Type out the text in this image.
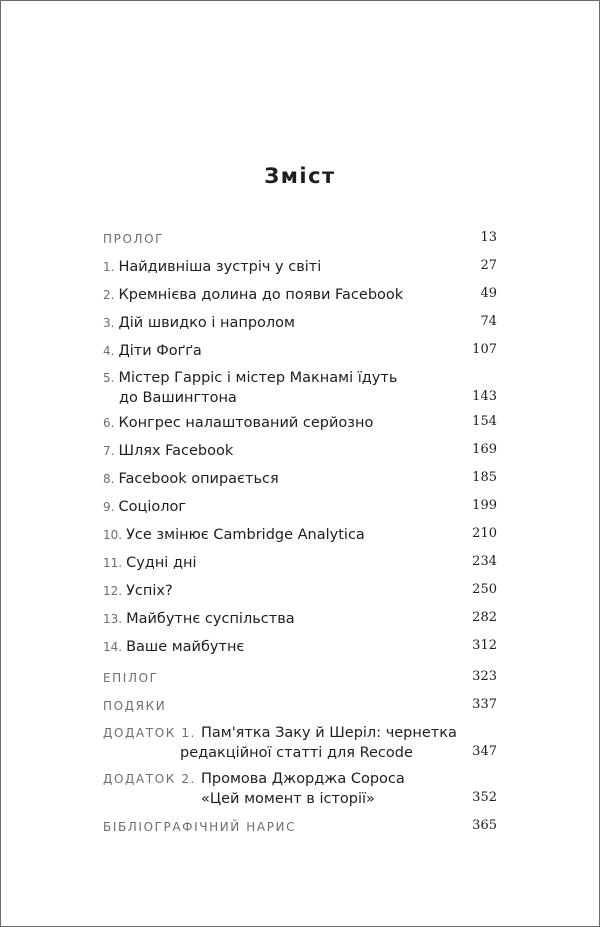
Зміст
ПРОЛОГ	13
1. Найдивніша зустріч у світі	27
2. Кремнієва долина до появи Facebook	49
3. Дій швидко і напролом	74
4. Діти Фоґґа	107
5. Містер Гарріс і містер Макнамі їдуть
до Вашингтона	143
6. Конгрес налаштований серйозно	154
7. Шлях Facebook	169
8. Facebook опирається	185
9. Соціолог	199
10. Усе змінює Cambridge Analytica	210
11. Судні дні	234
12. Успіх?	250
13. Майбутнє суспільства	282
14. Ваше майбутнє	312
ЕПІЛОГ	323
ПОДЯКИ	337
ДОДАТОК 1. Пам'ятка Заку й Шеріл: чернетка
редакційної статті для Recode	347
ДОДАТОК 2. Промова Джорджа Сороса
«Цей момент в історії»	352
БІБЛІОГРАФІЧНИЙ НАРИС	365
